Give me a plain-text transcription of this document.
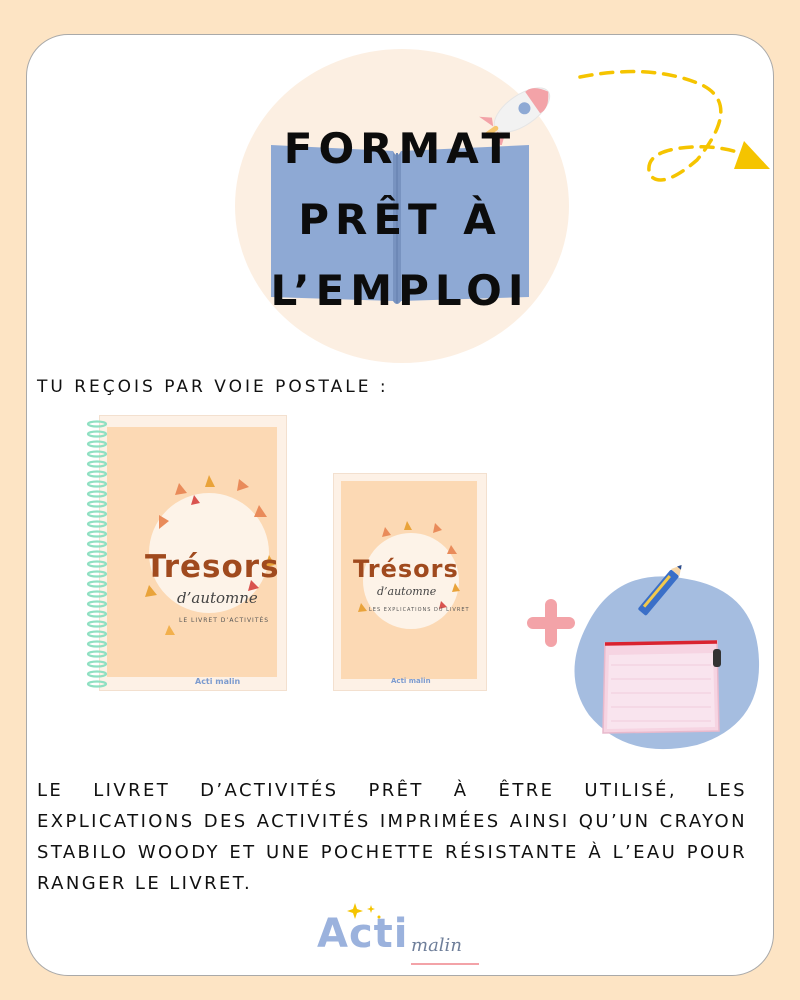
FORMAT
PRÊT À
L’EMPLOI

TU REÇOIS PAR VOIE POSTALE :

Trésors
d’automne
LE LIVRET D’ACTIVITÉS
Acti malin
Trésors
d’automne
LES EXPLICATIONS DU LIVRET
Acti malin

LE LIVRET D’ACTIVITÉS PRÊT À ÊTRE UTILISÉ, LES EXPLICATIONS DES ACTIVITÉS IMPRIMÉES AINSI QU’UN CRAYON STABILO WOODY ET UNE POCHETTE RÉSISTANTE À L’EAU POUR RANGER LE LIVRET.

Acti malin
